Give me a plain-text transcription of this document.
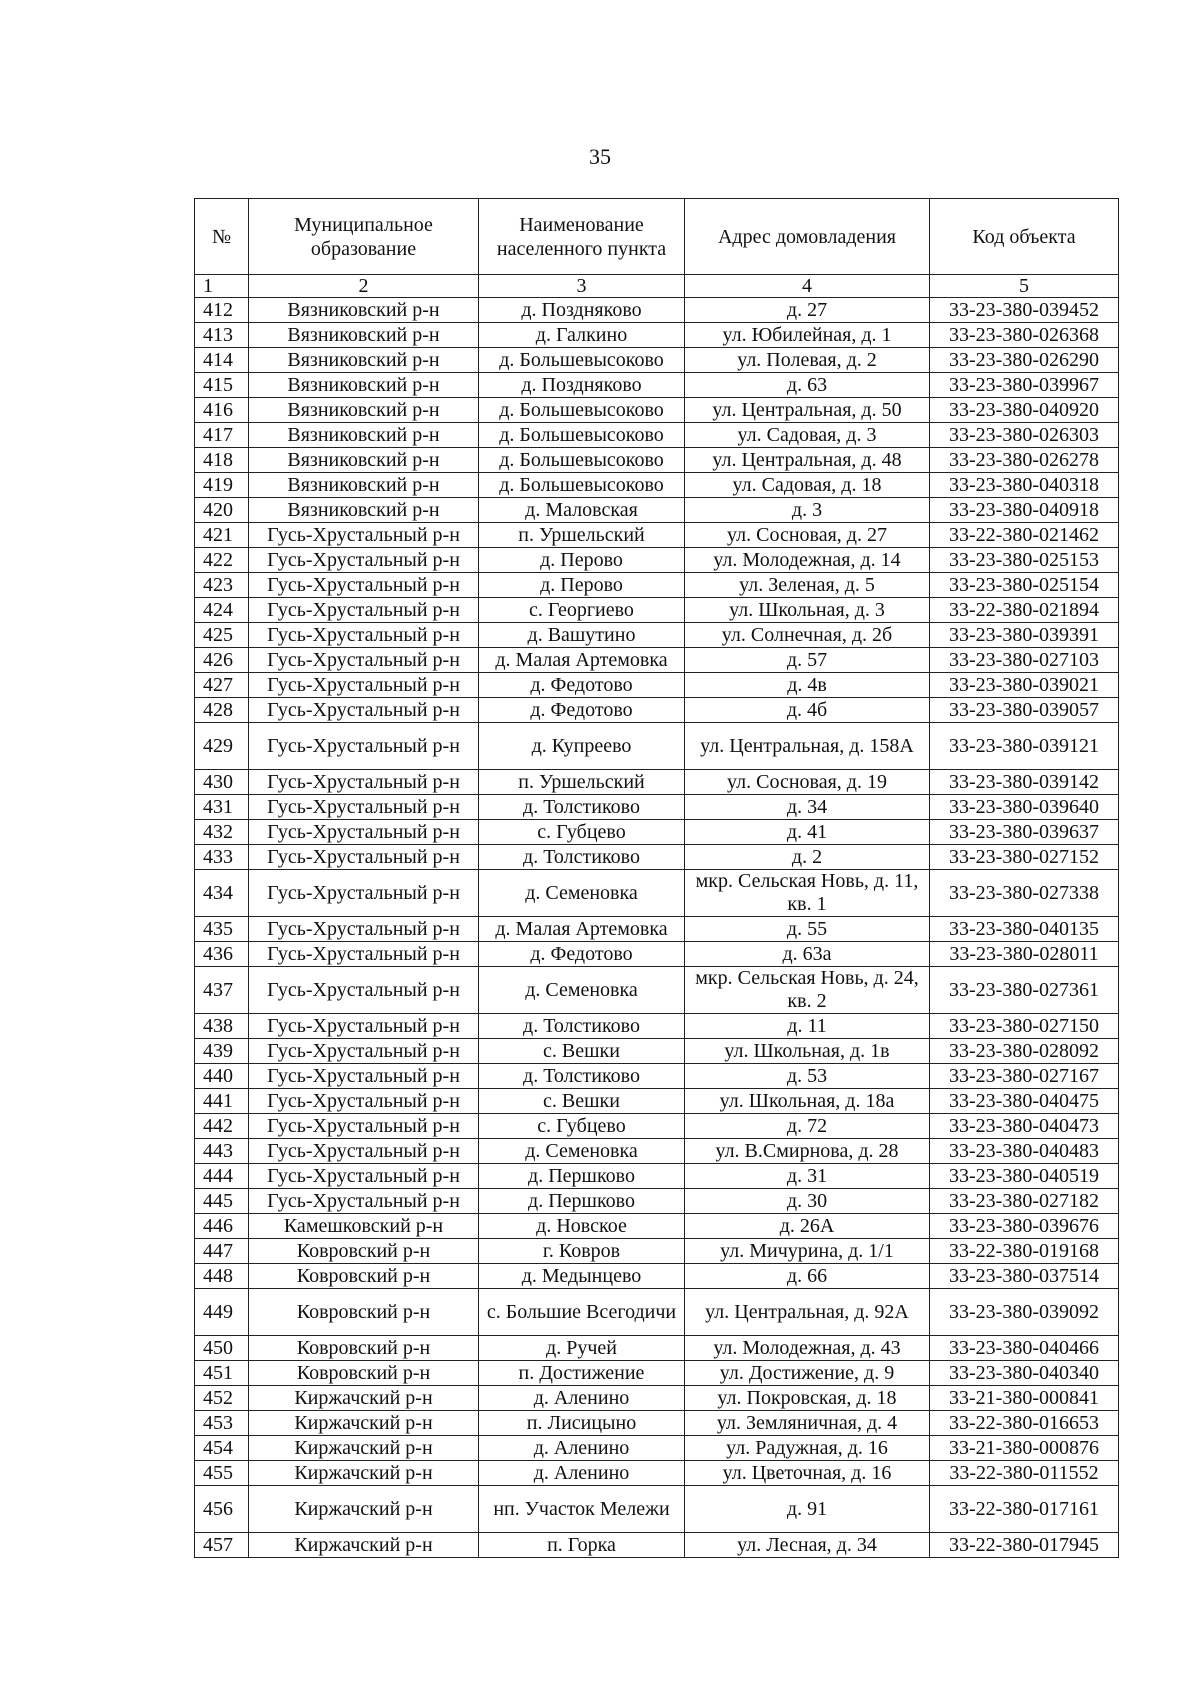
35
№	Муниципальное образование	Наименование населенного пункта	Адрес домовладения	Код объекта
1	2	3	4	5
412	Вязниковский р-н	д. Поздняково	д. 27	33-23-380-039452
413	Вязниковский р-н	д. Галкино	ул. Юбилейная, д. 1	33-23-380-026368
414	Вязниковский р-н	д. Большевысоково	ул. Полевая, д. 2	33-23-380-026290
415	Вязниковский р-н	д. Поздняково	д. 63	33-23-380-039967
416	Вязниковский р-н	д. Большевысоково	ул. Центральная, д. 50	33-23-380-040920
417	Вязниковский р-н	д. Большевысоково	ул. Садовая, д. 3	33-23-380-026303
418	Вязниковский р-н	д. Большевысоково	ул. Центральная, д. 48	33-23-380-026278
419	Вязниковский р-н	д. Большевысоково	ул. Садовая, д. 18	33-23-380-040318
420	Вязниковский р-н	д. Маловская	д. 3	33-23-380-040918
421	Гусь-Хрустальный р-н	п. Уршельский	ул. Сосновая, д. 27	33-22-380-021462
422	Гусь-Хрустальный р-н	д. Перово	ул. Молодежная, д. 14	33-23-380-025153
423	Гусь-Хрустальный р-н	д. Перово	ул. Зеленая, д. 5	33-23-380-025154
424	Гусь-Хрустальный р-н	с. Георгиево	ул. Школьная, д. 3	33-22-380-021894
425	Гусь-Хрустальный р-н	д. Вашутино	ул. Солнечная, д. 2б	33-23-380-039391
426	Гусь-Хрустальный р-н	д. Малая Артемовка	д. 57	33-23-380-027103
427	Гусь-Хрустальный р-н	д. Федотово	д. 4в	33-23-380-039021
428	Гусь-Хрустальный р-н	д. Федотово	д. 4б	33-23-380-039057
429	Гусь-Хрустальный р-н	д. Купреево	ул. Центральная, д. 158А	33-23-380-039121
430	Гусь-Хрустальный р-н	п. Уршельский	ул. Сосновая, д. 19	33-23-380-039142
431	Гусь-Хрустальный р-н	д. Толстиково	д. 34	33-23-380-039640
432	Гусь-Хрустальный р-н	с. Губцево	д. 41	33-23-380-039637
433	Гусь-Хрустальный р-н	д. Толстиково	д. 2	33-23-380-027152
434	Гусь-Хрустальный р-н	д. Семеновка	мкр. Сельская Новь, д. 11, кв. 1	33-23-380-027338
435	Гусь-Хрустальный р-н	д. Малая Артемовка	д. 55	33-23-380-040135
436	Гусь-Хрустальный р-н	д. Федотово	д. 63а	33-23-380-028011
437	Гусь-Хрустальный р-н	д. Семеновка	мкр. Сельская Новь, д. 24, кв. 2	33-23-380-027361
438	Гусь-Хрустальный р-н	д. Толстиково	д. 11	33-23-380-027150
439	Гусь-Хрустальный р-н	с. Вешки	ул. Школьная, д. 1в	33-23-380-028092
440	Гусь-Хрустальный р-н	д. Толстиково	д. 53	33-23-380-027167
441	Гусь-Хрустальный р-н	с. Вешки	ул. Школьная, д. 18а	33-23-380-040475
442	Гусь-Хрустальный р-н	с. Губцево	д. 72	33-23-380-040473
443	Гусь-Хрустальный р-н	д. Семеновка	ул. В.Смирнова, д. 28	33-23-380-040483
444	Гусь-Хрустальный р-н	д. Першково	д. 31	33-23-380-040519
445	Гусь-Хрустальный р-н	д. Першково	д. 30	33-23-380-027182
446	Камешковский р-н	д. Новское	д. 26А	33-23-380-039676
447	Ковровский р-н	г. Ковров	ул. Мичурина, д. 1/1	33-22-380-019168
448	Ковровский р-н	д. Медынцево	д. 66	33-23-380-037514
449	Ковровский р-н	с. Большие Всегодичи	ул. Центральная, д. 92А	33-23-380-039092
450	Ковровский р-н	д. Ручей	ул. Молодежная, д. 43	33-23-380-040466
451	Ковровский р-н	п. Достижение	ул. Достижение, д. 9	33-23-380-040340
452	Киржачский р-н	д. Аленино	ул. Покровская, д. 18	33-21-380-000841
453	Киржачский р-н	п. Лисицыно	ул. Земляничная, д. 4	33-22-380-016653
454	Киржачский р-н	д. Аленино	ул. Радужная, д. 16	33-21-380-000876
455	Киржачский р-н	д. Аленино	ул. Цветочная, д. 16	33-22-380-011552
456	Киржачский р-н	нп. Участок Мележи	д. 91	33-22-380-017161
457	Киржачский р-н	п. Горка	ул. Лесная, д. 34	33-22-380-017945
